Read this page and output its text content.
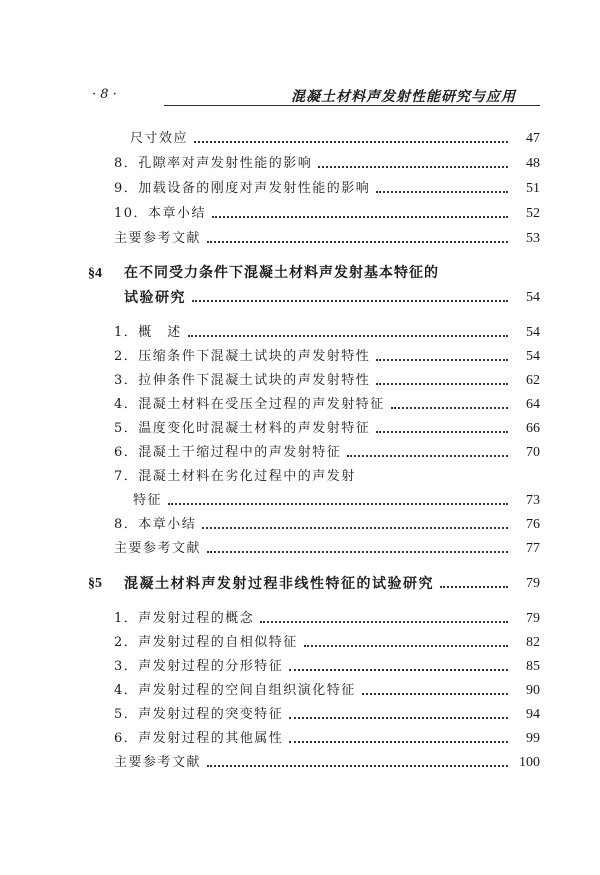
· 8 ·	混凝土材料声发射性能研究与应用
尺寸效应	47
8．孔隙率对声发射性能的影响	48
9．加载设备的刚度对声发射性能的影响	51
10．本章小结	52
主要参考文献	53
§4 在不同受力条件下混凝土材料声发射基本特征的
试验研究	54
1．概　述	54
2．压缩条件下混凝土试块的声发射特性	54
3．拉伸条件下混凝土试块的声发射特性	62
4．混凝土材料在受压全过程的声发射特征	64
5．温度变化时混凝土材料的声发射特征	66
6．混凝土干缩过程中的声发射特征	70
7．混凝土材料在劣化过程中的声发射
特征	73
8．本章小结	76
主要参考文献	77
§5	混凝土材料声发射过程非线性特征的试验研究	79
1．声发射过程的概念	79
2．声发射过程的自相似特征	82
3．声发射过程的分形特征	85
4．声发射过程的空间自组织演化特征	90
5．声发射过程的突变特征	94
6．声发射过程的其他属性	99
主要参考文献	100
